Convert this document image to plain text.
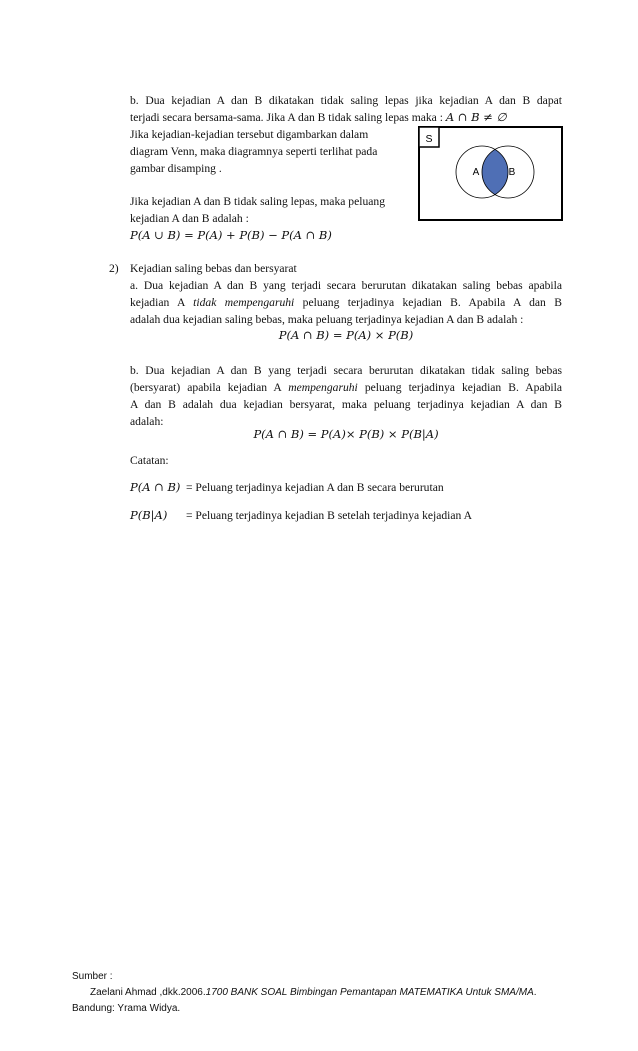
b. Dua kejadian A dan B dikatakan tidak saling lepas jika kejadian A dan B dapat
terjadi secara bersama-sama. Jika A dan B tidak saling lepas maka : A ∩ B ≠ ∅
Jika kejadian-kejadian tersebut digambarkan dalam
diagram Venn, maka diagramnya seperti terlihat pada
gambar disamping .
Jika kejadian A dan B tidak saling lepas, maka peluang
kejadian A dan B adalah :
P(A ∪ B) = P(A) + P(B) − P(A ∩ B)
S
A	B
2) Kejadian saling bebas dan bersyarat
a. Dua kejadian A dan B yang terjadi secara berurutan dikatakan saling bebas apabila
kejadian A tidak mempengaruhi peluang terjadinya kejadian B. Apabila A dan B
adalah dua kejadian saling bebas, maka peluang terjadinya kejadian A dan B adalah :
P(A ∩ B) = P(A) × P(B)
b. Dua kejadian A dan B yang terjadi secara berurutan dikatakan tidak saling bebas
(bersyarat) apabila kejadian A mempengaruhi peluang terjadinya kejadian B. Apabila
A dan B adalah dua kejadian bersyarat, maka peluang terjadinya kejadian A dan B
adalah:
P(A ∩ B) = P(A)× P(B) × P(B|A)
Catatan:
P(A ∩ B) = Peluang terjadinya kejadian A dan B secara berurutan
P(B|A) = Peluang terjadinya kejadian B setelah terjadinya kejadian A
Sumber :
Zaelani Ahmad ,dkk.2006.1700 BANK SOAL Bimbingan Pemantapan MATEMATIKA Untuk SMA/MA.
Bandung: Yrama Widya.
